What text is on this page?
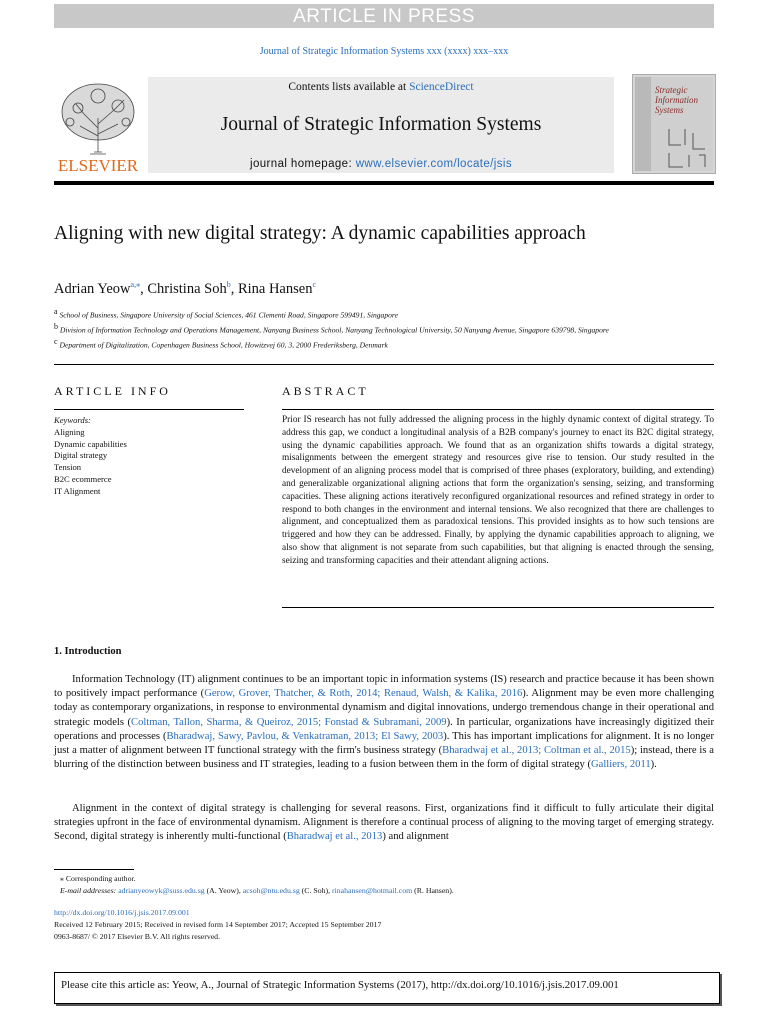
ARTICLE IN PRESS
Journal of Strategic Information Systems xxx (xxxx) xxx–xxx
ELSEVIER
Contents lists available at ScienceDirect
Journal of Strategic Information Systems
journal homepage: www.elsevier.com/locate/jsis
Strategic
Information
Systems
Aligning with new digital strategy: A dynamic capabilities approach
Adrian Yeow$^{a,⁎}$, Christina Soh$^b$, Rina Hansen$^c$
$^a$ School of Business, Singapore University of Social Sciences, 461 Clementi Road, Singapore 599491, Singapore
$^b$ Division of Information Technology and Operations Management, Nanyang Business School, Nanyang Technological University, 50 Nanyang Avenue, Singapore 639798, Singapore
$^c$ Department of Digitalization, Copenhagen Business School, Howitzvej 60, 3, 2000 Frederiksberg, Denmark
ARTICLE INFO
Keywords:
Aligning
Dynamic capabilities
Digital strategy
Tension
B2C ecommerce
IT Alignment
ABSTRACT
Prior IS research has not fully addressed the aligning process in the highly dynamic context of digital strategy. To address this gap, we conduct a longitudinal analysis of a B2B company's journey to enact its B2C digital strategy, using the dynamic capabilities approach. We found that as an organization shifts towards a digital strategy, misalignments between the emergent strategy and resources give rise to tension. Our study resulted in the development of an aligning process model that is comprised of three phases (exploratory, building, and extending) and generalizable organizational aligning actions that form the organization's sensing, seizing, and transforming capacities. These aligning actions iteratively reconfigured organizational resources and refined strategy in order to respond to both changes in the environment and internal tensions. We also recognized that there are challenges to alignment, and conceptualized them as paradoxical tensions. This provided insights as to how such tensions are triggered and how they can be addressed. Finally, by applying the dynamic capabilities approach to aligning, we also show that alignment is not separate from such capabilities, but that aligning is enacted through the sensing, seizing and transforming capacities and their attendant aligning actions.
1. Introduction
Information Technology (IT) alignment continues to be an important topic in information systems (IS) research and practice because it has been shown to positively impact performance (Gerow, Grover, Thatcher, & Roth, 2014; Renaud, Walsh, & Kalika, 2016). Alignment may be even more challenging today as contemporary organizations, in response to environmental dynamism and digital innovations, undergo tremendous change in their operational and strategic models (Coltman, Tallon, Sharma, & Queiroz, 2015; Fonstad & Subramani, 2009). In particular, organizations have increasingly digitized their operations and processes (Bharadwaj, Sawy, Pavlou, & Venkatraman, 2013; El Sawy, 2003). This has important implications for alignment. It is no longer just a matter of alignment between IT functional strategy with the firm's business strategy (Bharadwaj et al., 2013; Coltman et al., 2015); instead, there is a blurring of the distinction between business and IT strategies, leading to a fusion between them in the form of digital strategy (Galliers, 2011).
Alignment in the context of digital strategy is challenging for several reasons. First, organizations find it difficult to fully articulate their digital strategies upfront in the face of environmental dynamism. Alignment is therefore a continual process of aligning to the moving target of emerging strategy. Second, digital strategy is inherently multi-functional (Bharadwaj et al., 2013) and alignment
⁎ Corresponding author.
E-mail addresses: adrianyeowyk@suss.edu.sg (A. Yeow), acsoh@ntu.edu.sg (C. Soh), rinahansen@hotmail.com (R. Hansen).
http://dx.doi.org/10.1016/j.jsis.2017.09.001
Received 12 February 2015; Received in revised form 14 September 2017; Accepted 15 September 2017
0963-8687/ © 2017 Elsevier B.V. All rights reserved.
Please cite this article as: Yeow, A., Journal of Strategic Information Systems (2017), http://dx.doi.org/10.1016/j.jsis.2017.09.001
